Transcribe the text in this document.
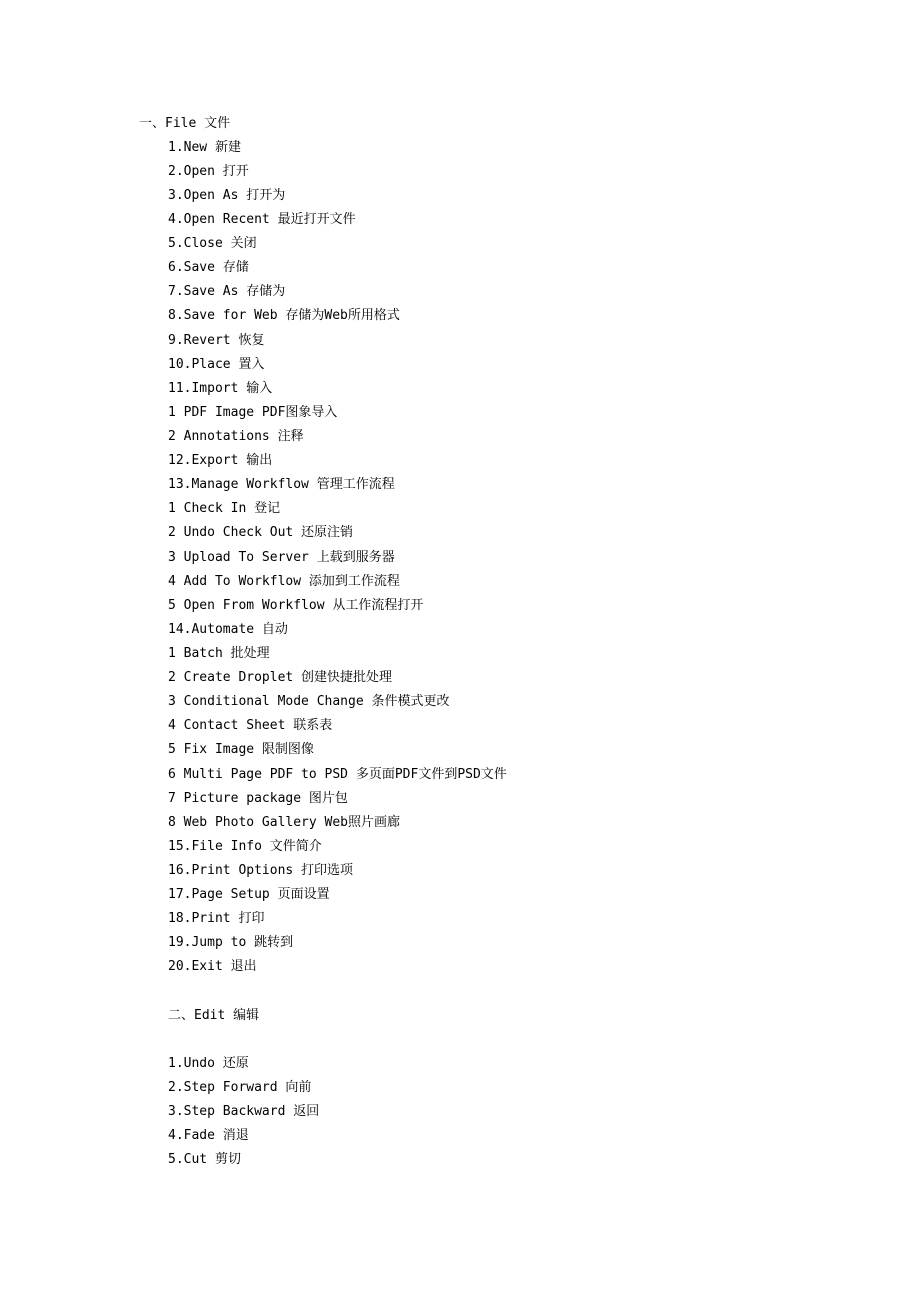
一、File 文件
1.New 新建
2.Open 打开
3.Open As 打开为
4.Open Recent 最近打开文件
5.Close 关闭
6.Save 存储
7.Save As 存储为
8.Save for Web 存储为Web所用格式
9.Revert 恢复
10.Place 置入
11.Import 输入
1 PDF Image PDF图象导入
2 Annotations 注释
12.Export 输出
13.Manage Workflow 管理工作流程
1 Check In 登记
2 Undo Check Out 还原注销
3 Upload To Server 上载到服务器
4 Add To Workflow 添加到工作流程
5 Open From Workflow 从工作流程打开
14.Automate 自动
1 Batch 批处理
2 Create Droplet 创建快捷批处理
3 Conditional Mode Change 条件模式更改
4 Contact Sheet 联系表
5 Fix Image 限制图像
6 Multi Page PDF to PSD 多页面PDF文件到PSD文件
7 Picture package 图片包
8 Web Photo Gallery Web照片画廊
15.File Info 文件简介
16.Print Options 打印选项
17.Page Setup 页面设置
18.Print 打印
19.Jump to 跳转到
20.Exit 退出
二、Edit 编辑
1.Undo 还原
2.Step Forward 向前
3.Step Backward 返回
4.Fade 消退
5.Cut 剪切
